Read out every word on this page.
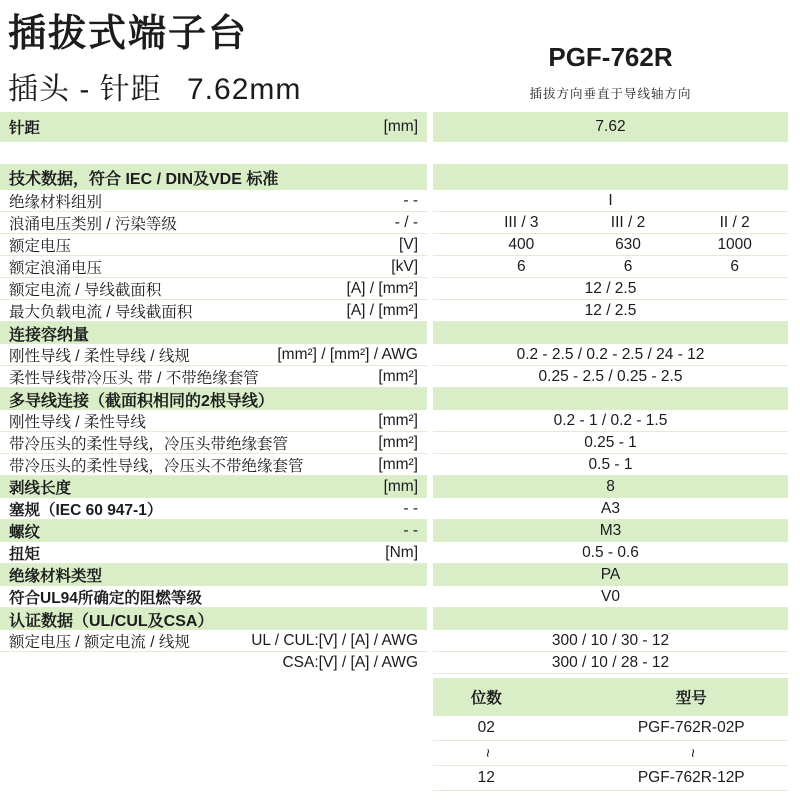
插拔式端子台
插头 - 针距  7.62mm
PGF-762R
插拔方向垂直于导线轴方向
针距	[mm]	7.62
技术数据，符合 IEC / DIN及VDE 标准
绝缘材料组别	- -	I
浪涌电压类别 / 污染等级	- / -	III / 3	III / 2	II / 2
额定电压	[V]	400	630	1000
额定浪涌电压	[kV]	6	6	6
额定电流 / 导线截面积	[A] / [mm²]	12 / 2.5
最大负载电流 / 导线截面积	[A] / [mm²]	12 / 2.5
连接容纳量
刚性导线 / 柔性导线 / 线规	[mm²] / [mm²] / AWG	0.2 - 2.5 / 0.2 - 2.5 / 24 - 12
柔性导线带冷压头 带 / 不带绝缘套管	[mm²]	0.25 - 2.5 / 0.25 - 2.5
多导线连接（截面积相同的2根导线）
刚性导线 / 柔性导线	[mm²]	0.2 - 1 / 0.2 - 1.5
带冷压头的柔性导线，冷压头带绝缘套管	[mm²]	0.25 - 1
带冷压头的柔性导线，冷压头不带绝缘套管	[mm²]	0.5 - 1
剥线长度	[mm]	8
塞规（IEC 60 947-1）	- -	A3
螺纹	- -	M3
扭矩	[Nm]	0.5 - 0.6
绝缘材料类型	PA
符合UL94所确定的阻燃等级	V0
认证数据（UL/CUL及CSA）
额定电压 / 额定电流 / 线规	UL / CUL:[V] / [A] / AWG	300 / 10 / 30 - 12
CSA:[V] / [A] / AWG	300 / 10 / 28 - 12
位数	型号
02	PGF-762R-02P
~	~
12	PGF-762R-12P
